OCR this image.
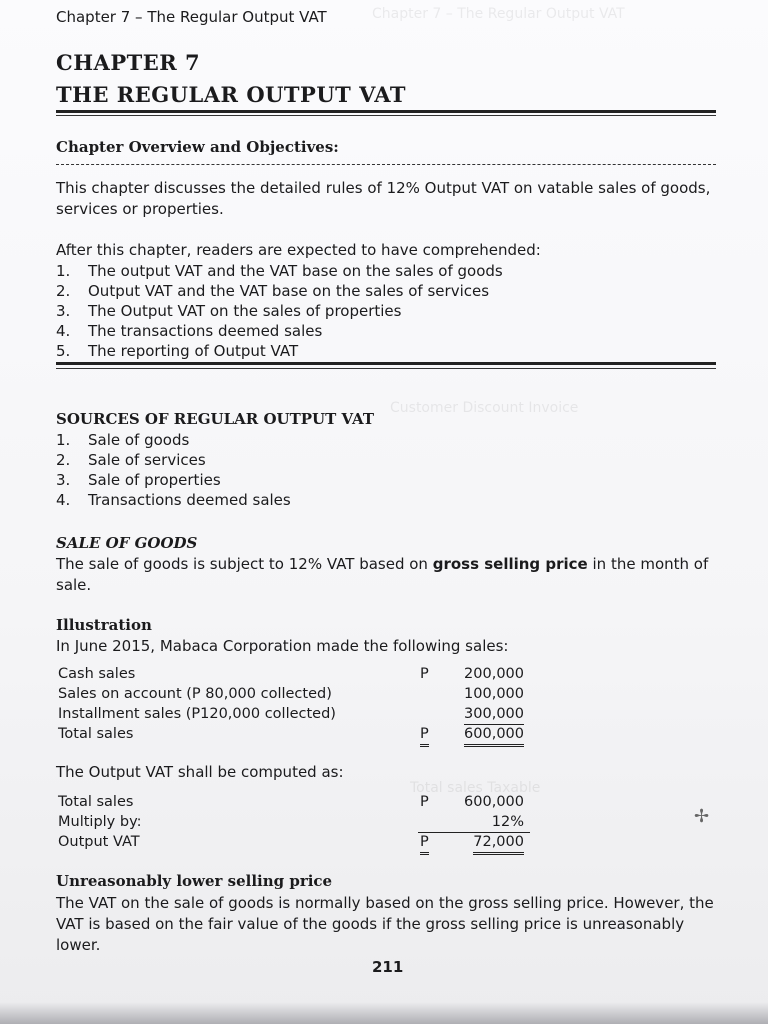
Chapter 7 – The Regular Output VAT
Customer Discount Invoice
Total sales Taxable
Chapter 7 – The Regular Output VAT
CHAPTER 7
THE REGULAR OUTPUT VAT
Chapter Overview and Objectives:
This chapter discusses the detailed rules of 12% Output VAT on vatable sales of goods, services or properties.
After this chapter, readers are expected to have comprehended:
1. The output VAT and the VAT base on the sales of goods
2. Output VAT and the VAT base on the sales of services
3. The Output VAT on the sales of properties
4. The transactions deemed sales
5. The reporting of Output VAT
SOURCES OF REGULAR OUTPUT VAT
1. Sale of goods
2. Sale of services
3. Sale of properties
4. Transactions deemed sales
SALE OF GOODS
The sale of goods is subject to 12% VAT based on gross selling price in the month of sale.
Illustration
In June 2015, Mabaca Corporation made the following sales:
Cash sales	P 200,000
Sales on account (P 80,000 collected)	100,000
Installment sales (P120,000 collected)	300,000
Total sales	P 600,000
The Output VAT shall be computed as:
Total sales	P 600,000
Multiply by:	12%
Output VAT	P	72,000
✢
Unreasonably lower selling price
The VAT on the sale of goods is normally based on the gross selling price. However, the VAT is based on the fair value of the goods if the gross selling price is unreasonably lower.
211
